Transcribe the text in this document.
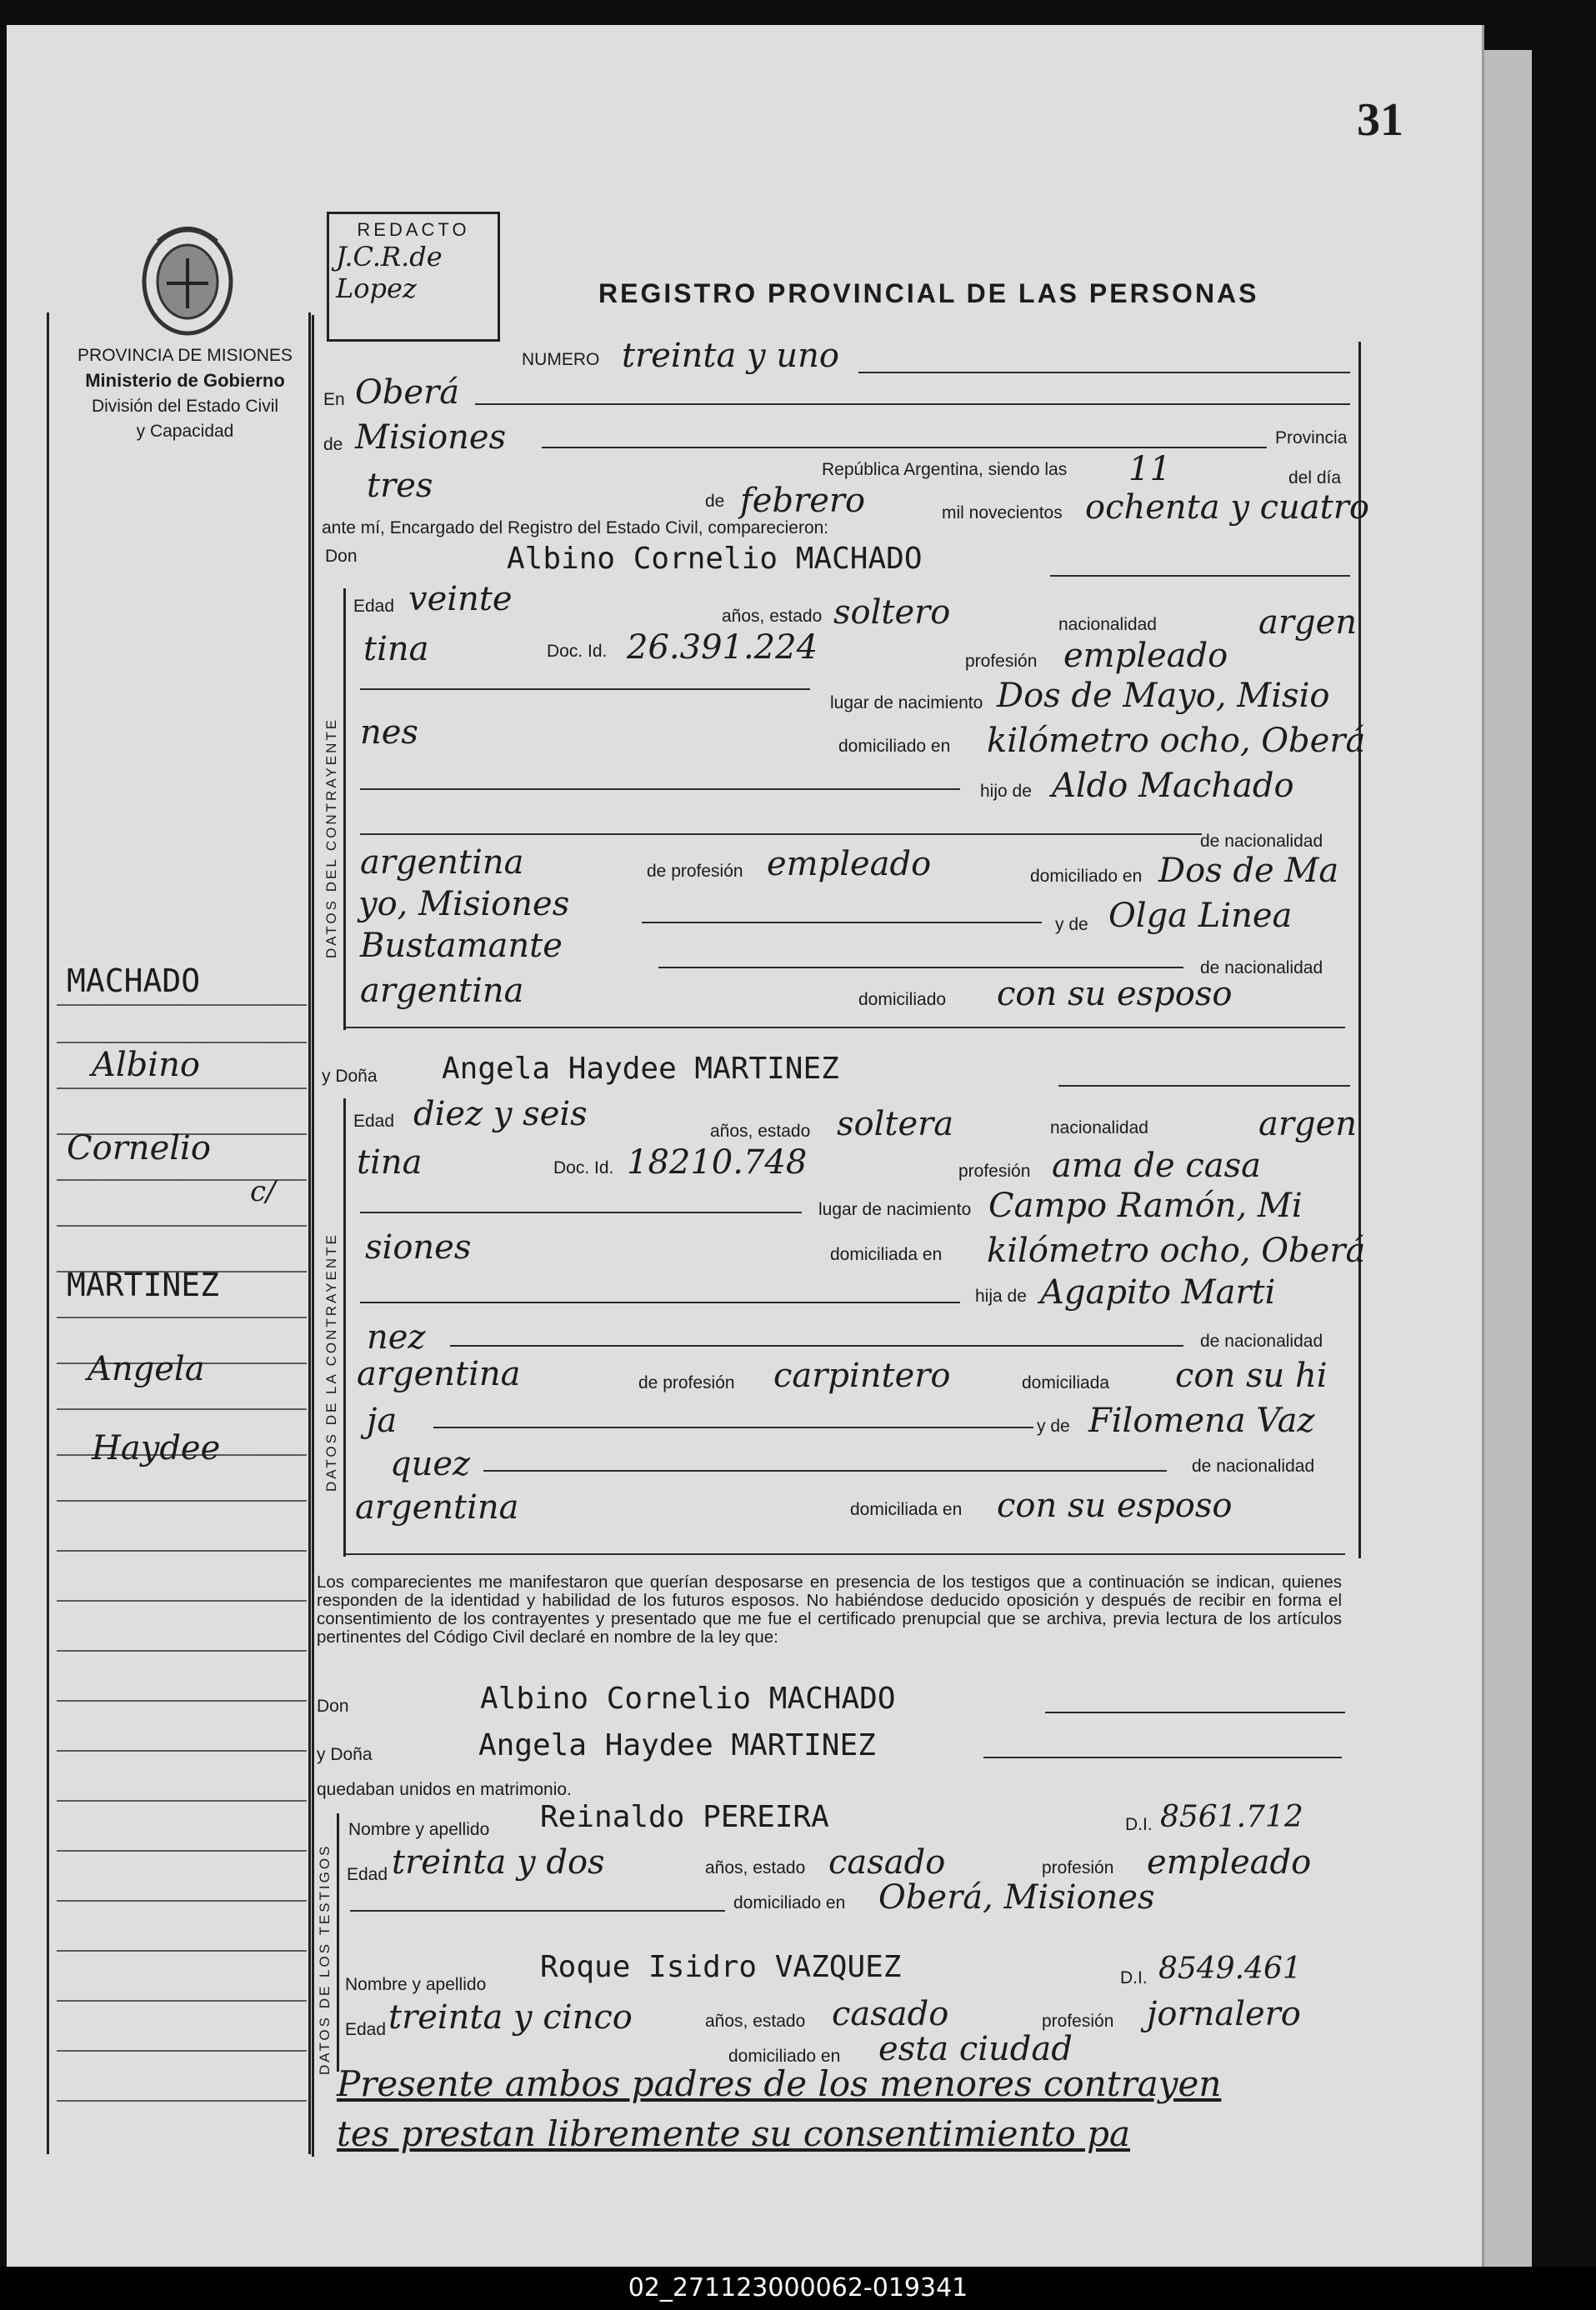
31
PROVINCIA DE MISIONES
Ministerio de Gobierno
División del Estado Civil
y Capacidad
MACHADO
Albino
Cornelio
c/
MARTINEZ
Angela
Haydee
REDACTO
J.C.R.de
Lopez	REGISTRO PROVINCIAL DE LAS PERSONAS
NUMERO treinta y uno
En Oberá
de Misiones	Provincia
República Argentina, siendo las 11	del día
tres	de febrero	mil novecientos ochenta y cuatro
ante mí, Encargado del Registro del Estado Civil, comparecieron:
Don	Albino Cornelio MACHADO
DATOS DEL CONTRAYENTE
Edad veinte	años, estado soltero	nacionalidad	argen
tina	Doc. Id. 26.391.224	profesión empleado
lugar de nacimiento Dos de Mayo, Misio
nes	domiciliado en kilómetro ocho, Oberá
hijo de Aldo Machado
de nacionalidad
argentina	de profesión empleado	domiciliado en Dos de Ma
yo, Misiones
y de Olga Linea
Bustamante
de nacionalidad
argentina	domiciliado con su esposo
y Doña Angela Haydee MARTINEZ
DATOS DE LA CONTRAYENTE
Edad diez y seis	años, estado soltera	nacionalidad	argen
tina	Doc. Id. 18210.748	profesión ama de casa
lugar de nacimiento Campo Ramón, Mi
siones	domiciliada en kilómetro ocho, Oberá
hija de Agapito Marti
nez	de nacionalidad
argentina	de profesión carpintero	domiciliada con su hi
ja	y de Filomena Vaz
quez	de nacionalidad
argentina	domiciliada en con su esposo
Los comparecientes me manifestaron que querían desposarse en presencia de los testigos que a continuación se indican, quienes responden de la identidad y habilidad de los futuros esposos. No habiéndose deducido oposición y después de recibir en forma el consentimiento de los contrayentes y presentado que me fue el certificado prenupcial que se archiva, previa lectura de los artículos pertinentes del Código Civil declaré en nombre de la ley que:
Don	Albino Cornelio MACHADO
y Doña	Angela Haydee MARTINEZ
quedaban unidos en matrimonio.
DATOS DE LOS TESTIGOS
Nombre y apellido Reinaldo PEREIRA	D.I. 8561.712
Edad treinta y dos	años, estado casado	profesión empleado
domiciliado en Oberá, Misiones
Nombre y apellido
Roque Isidro VAZQUEZ	D.I. 8549.461
Edad treinta y cinco	años, estado casado	profesión jornalero
domiciliado en esta ciudad
Presente ambos padres de los menores contrayen
tes prestan libremente su consentimiento pa
02_271123000062-019341
